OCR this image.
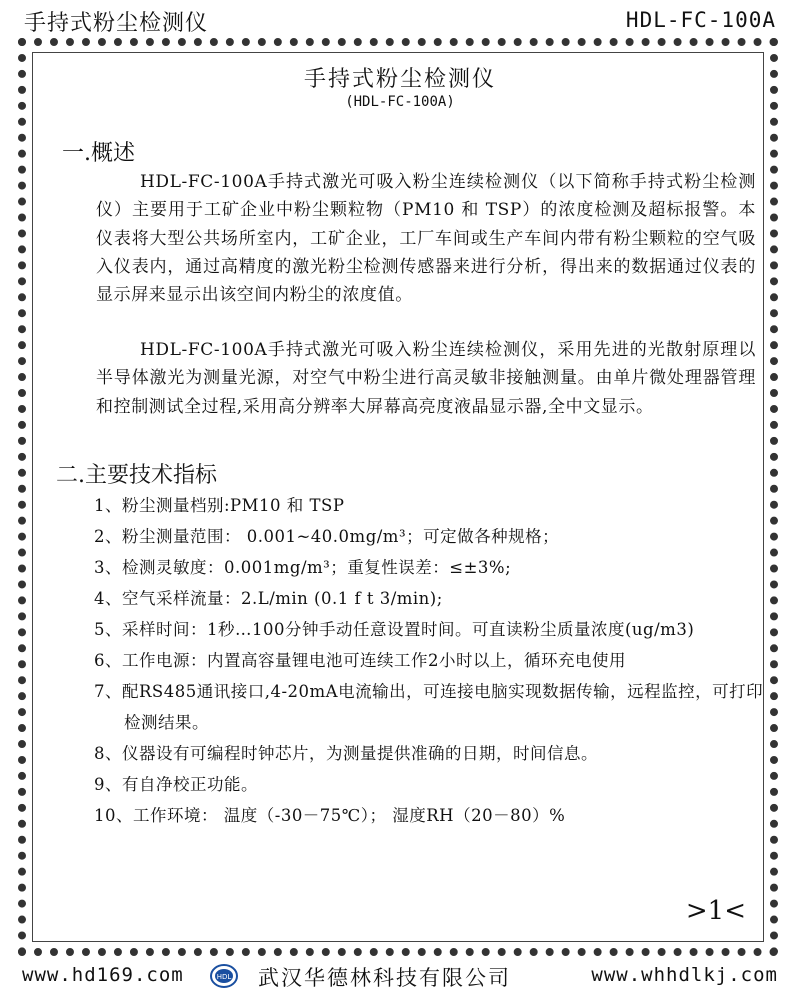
手持式粉尘检测仪	HDL-FC-100A
手持式粉尘检测仪
(HDL-FC-100A)
一.概述
HDL-FC-100A手持式激光可吸入粉尘连续检测仪（以下简称手持式粉尘检测仪）主要用于工矿企业中粉尘颗粒物（PM10 和 TSP）的浓度检测及超标报警。本仪表将大型公共场所室内，工矿企业，工厂车间或生产车间内带有粉尘颗粒的空气吸入仪表内，通过高精度的激光粉尘检测传感器来进行分析，得出来的数据通过仪表的显示屏来显示出该空间内粉尘的浓度值。
HDL-FC-100A手持式激光可吸入粉尘连续检测仪，采用先进的光散射原理以半导体激光为测量光源，对空气中粉尘进行高灵敏非接触测量。由单片微处理器管理和控制测试全过程,采用高分辨率大屏幕高亮度液晶显示器,全中文显示。
二.主要技术指标
1、粉尘测量档别:PM10 和 TSP
2、粉尘测量范围： 0.001~40.0mg/m³；可定做各种规格；
3、检测灵敏度：0.001mg/m³；重复性误差：≤±3%;
4、空气采样流量：2.L/min (0.1 f t 3/min);
5、采样时间：1秒…100分钟手动任意设置时间。可直读粉尘质量浓度(ug/m3)
6、工作电源：内置高容量锂电池可连续工作2小时以上，循环充电使用
7、配RS485通讯接口,4-20mA电流输出，可连接电脑实现数据传输，远程监控，可打印检测结果。
8、仪器设有可编程时钟芯片，为测量提供准确的日期，时间信息。
9、有自净校正功能。
10、工作环境： 温度（-30－75℃）； 湿度RH（20－80）%
>1<
www.hd169.com	HDL 武汉华德林科技有限公司	www.whhdlkj.com
